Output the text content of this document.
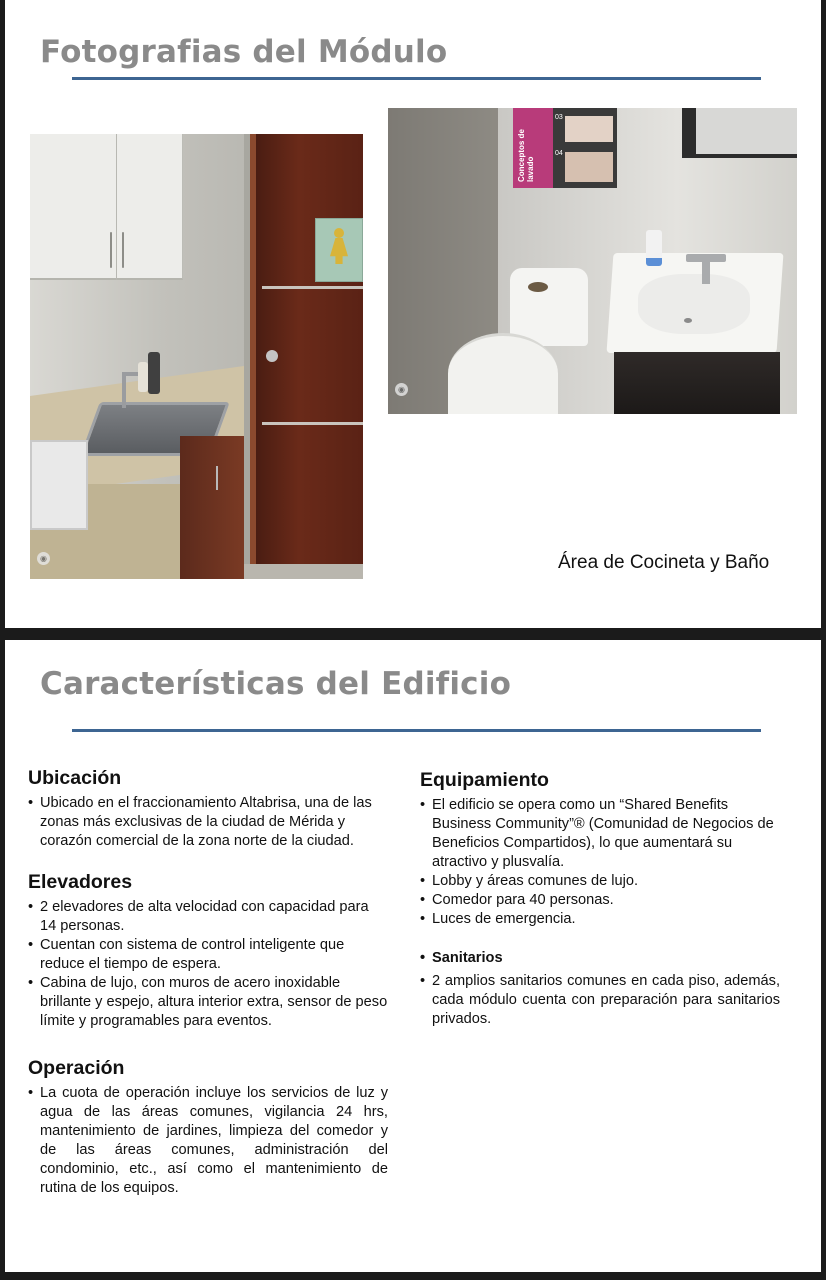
Fotografias del Módulo
◉
Conceptos de lavado
03
04
◉
Área de Cocineta y Baño
Características del Edificio
Ubicación
• Ubicado en el fraccionamiento Altabrisa, una de las zonas más exclusivas de la ciudad de Mérida y corazón comercial de la zona norte de la ciudad.
Elevadores
• 2 elevadores de alta velocidad con capacidad para 14 personas.
• Cuentan con sistema de control inteligente que reduce el tiempo de espera.
• Cabina de lujo, con muros de acero inoxidable brillante y espejo, altura interior extra, sensor de peso límite y programables para eventos.
Operación
• La cuota de operación incluye los servicios de luz y agua de las áreas comunes, vigilancia 24 hrs, mantenimiento de jardines, limpieza del comedor y de las áreas comunes, administración del condominio, etc., así como el mantenimiento de rutina de los equipos.
Equipamiento
• El edificio se opera como un “Shared Benefits Business Community”® (Comunidad de Negocios de Beneficios Compartidos), lo que aumentará su atractivo y plusvalía.
• Lobby y áreas comunes de lujo.
• Comedor para 40 personas.
• Luces de emergencia.
• Sanitarios
• 2 amplios sanitarios comunes en cada piso, además, cada módulo cuenta con preparación para sanitarios privados.
